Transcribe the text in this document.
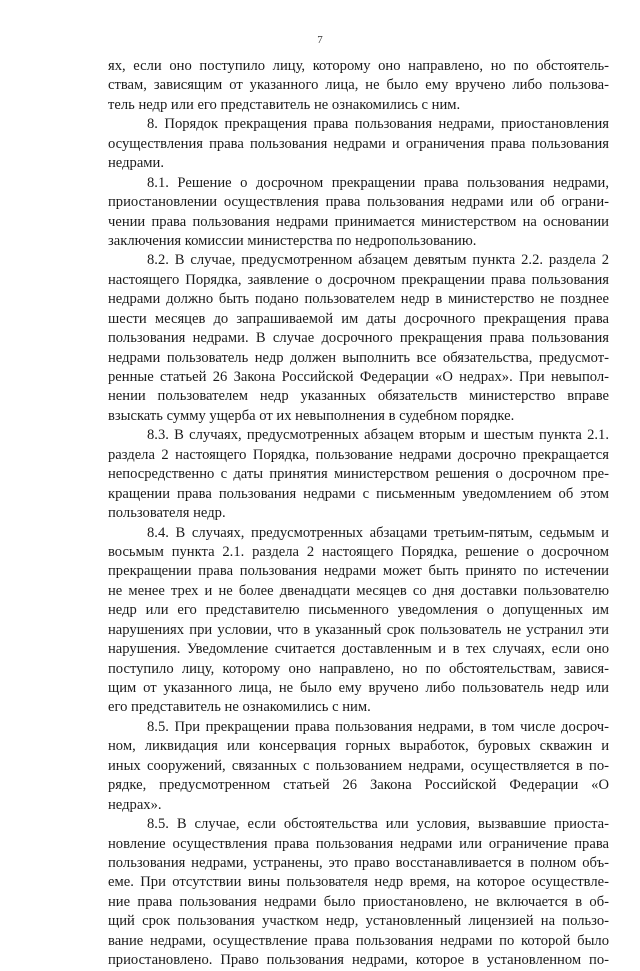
7
ях, если оно поступило лицу, которому оно направлено, но по обстоятель-
ствам, зависящим от указанного лица, не было ему вручено либо пользова-
тель недр или его представитель не ознакомились с ним.
8. Порядок прекращения права пользования недрами, приостановления
осуществления права пользования недрами и ограничения права пользования
недрами.
8.1. Решение о досрочном прекращении права пользования недрами,
приостановлении осуществления права пользования недрами или об ограни-
чении права пользования недрами принимается министерством на основании
заключения комиссии министерства по недропользованию.
8.2. В случае, предусмотренном абзацем девятым пункта 2.2. раздела 2
настоящего Порядка, заявление о досрочном прекращении права пользования
недрами должно быть подано пользователем недр в министерство не позднее
шести месяцев до запрашиваемой им даты досрочного прекращения права
пользования недрами. В случае досрочного прекращения права пользования
недрами пользователь недр должен выполнить все обязательства, предусмот-
ренные статьей 26 Закона Российской Федерации «О недрах». При невыпол-
нении пользователем недр указанных обязательств министерство вправе
взыскать сумму ущерба от их невыполнения в судебном порядке.
8.3. В случаях, предусмотренных абзацем вторым и шестым пункта 2.1.
раздела 2 настоящего Порядка, пользование недрами досрочно прекращается
непосредственно с даты принятия министерством решения о досрочном пре-
кращении права пользования недрами с письменным уведомлением об этом
пользователя недр.
8.4. В случаях, предусмотренных абзацами третьим-пятым, седьмым и
восьмым пункта 2.1. раздела 2 настоящего Порядка, решение о досрочном
прекращении права пользования недрами может быть принято по истечении
не менее трех и не более двенадцати месяцев со дня доставки пользователю
недр или его представителю письменного уведомления о допущенных им
нарушениях при условии, что в указанный срок пользователь не устранил эти
нарушения. Уведомление считается доставленным и в тех случаях, если оно
поступило лицу, которому оно направлено, но по обстоятельствам, завися-
щим от указанного лица, не было ему вручено либо пользователь недр или
его представитель не ознакомились с ним.
8.5. При прекращении права пользования недрами, в том числе досроч-
ном, ликвидация или консервация горных выработок, буровых скважин и
иных сооружений, связанных с пользованием недрами, осуществляется в по-
рядке, предусмотренном статьей 26 Закона Российской Федерации «О
недрах».
8.5. В случае, если обстоятельства или условия, вызвавшие приоста-
новление осуществления права пользования недрами или ограничение права
пользования недрами, устранены, это право восстанавливается в полном объ-
еме. При отсутствии вины пользователя недр время, на которое осуществле-
ние права пользования недрами было приостановлено, не включается в об-
щий срок пользования участком недр, установленный лицензией на пользо-
вание недрами, осуществление права пользования недрами по которой было
приостановлено. Право пользования недрами, которое в установленном по-
